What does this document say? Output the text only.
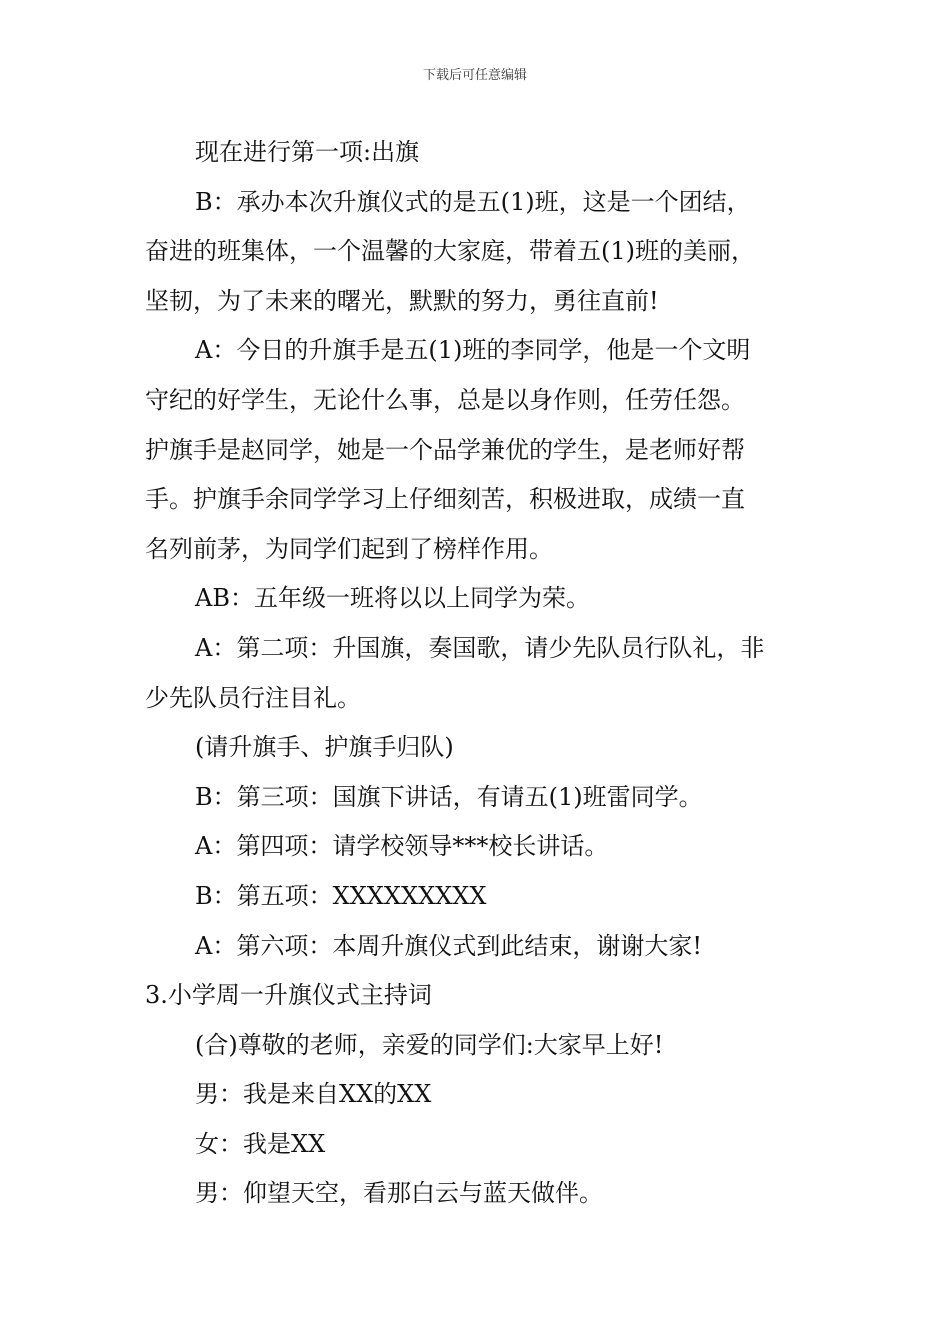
下载后可任意编辑
现在进行第一项:出旗
B：承办本次升旗仪式的是五(1)班，这是一个团结，
奋进的班集体，一个温馨的大家庭，带着五(1)班的美丽，
坚韧，为了未来的曙光，默默的努力，勇往直前!
A：今日的升旗手是五(1)班的李同学，他是一个文明
守纪的好学生，无论什么事，总是以身作则，任劳任怨。
护旗手是赵同学，她是一个品学兼优的学生，是老师好帮
手。护旗手余同学学习上仔细刻苦，积极进取，成绩一直
名列前茅，为同学们起到了榜样作用。
AB：五年级一班将以以上同学为荣。
A：第二项：升国旗，奏国歌，请少先队员行队礼，非
少先队员行注目礼。
(请升旗手、护旗手归队)
B：第三项：国旗下讲话，有请五(1)班雷同学。
A：第四项：请学校领导***校长讲话。
B：第五项：XXXXXXXXX
A：第六项：本周升旗仪式到此结束，谢谢大家!
3.小学周一升旗仪式主持词
(合)尊敬的老师，亲爱的同学们:大家早上好!
男：我是来自XX的XX
女：我是XX
男：仰望天空，看那白云与蓝天做伴。
